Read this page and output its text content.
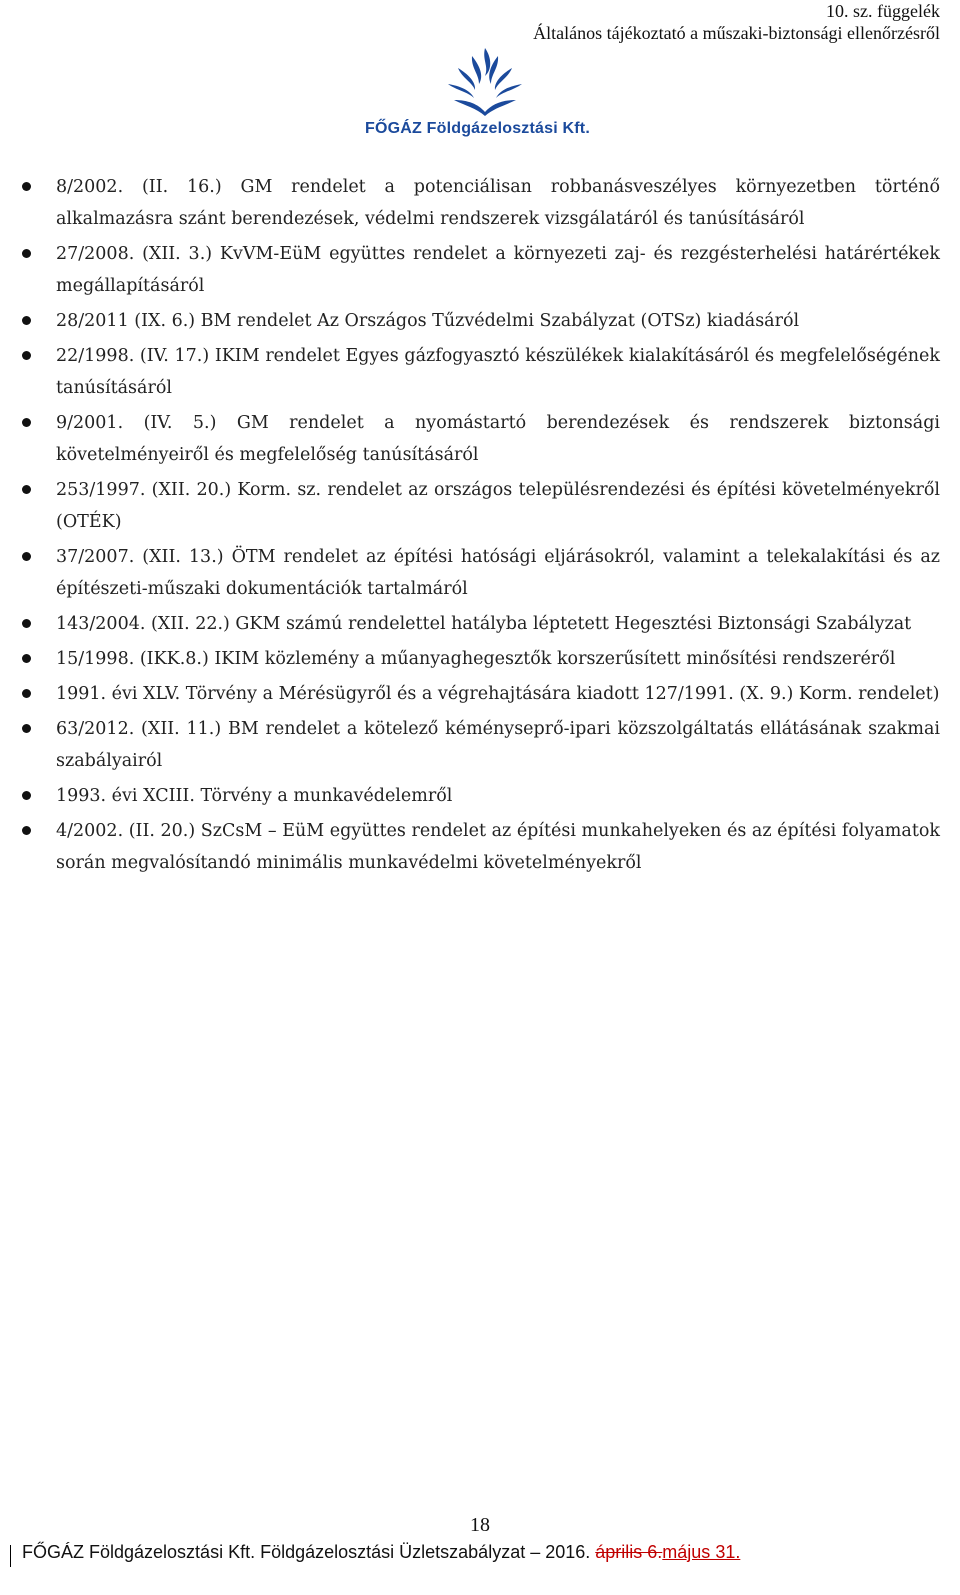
10. sz. függelék
Általános tájékoztató a műszaki-biztonsági ellenőrzésről
FŐGÁZ Földgázelosztási Kft.
8/2002. (II. 16.) GM rendelet a potenciálisan robbanásveszélyes környezetben történő alkalmazásra szánt berendezések, védelmi rendszerek vizsgálatáról és tanúsításáról
27/2008. (XII. 3.) KvVM-EüM együttes rendelet a környezeti zaj- és rezgésterhelési határértékek megállapításáról
28/2011 (IX. 6.) BM rendelet Az Országos Tűzvédelmi Szabályzat (OTSz) kiadásáról
22/1998. (IV. 17.) IKIM rendelet Egyes gázfogyasztó készülékek kialakításáról és megfelelőségének tanúsításáról
9/2001. (IV. 5.) GM rendelet a nyomástartó berendezések és rendszerek biztonsági követelményeiről és megfelelőség tanúsításáról
253/1997. (XII. 20.) Korm. sz. rendelet az országos településrendezési és építési követelményekről (OTÉK)
37/2007. (XII. 13.) ÖTM rendelet az építési hatósági eljárásokról, valamint a telekalakítási és az építészeti-műszaki dokumentációk tartalmáról
143/2004. (XII. 22.) GKM számú rendelettel hatályba léptetett Hegesztési Biztonsági Szabályzat
15/1998. (IKK.8.) IKIM közlemény a műanyaghegesztők korszerűsített minősítési rendszeréről
1991. évi XLV. Törvény a Mérésügyről és a végrehajtására kiadott 127/1991. (X. 9.) Korm. rendelet)
63/2012. (XII. 11.) BM rendelet a kötelező kéményseprő-ipari közszolgáltatás ellátásának szakmai szabályairól
1993. évi XCIII. Törvény a munkavédelemről
4/2002. (II. 20.) SzCsM – EüM együttes rendelet az építési munkahelyeken és az építési folyamatok során megvalósítandó minimális munkavédelmi követelményekről
18
FŐGÁZ Földgázelosztási Kft. Földgázelosztási Üzletszabályzat – 2016. április 6.május 31.
